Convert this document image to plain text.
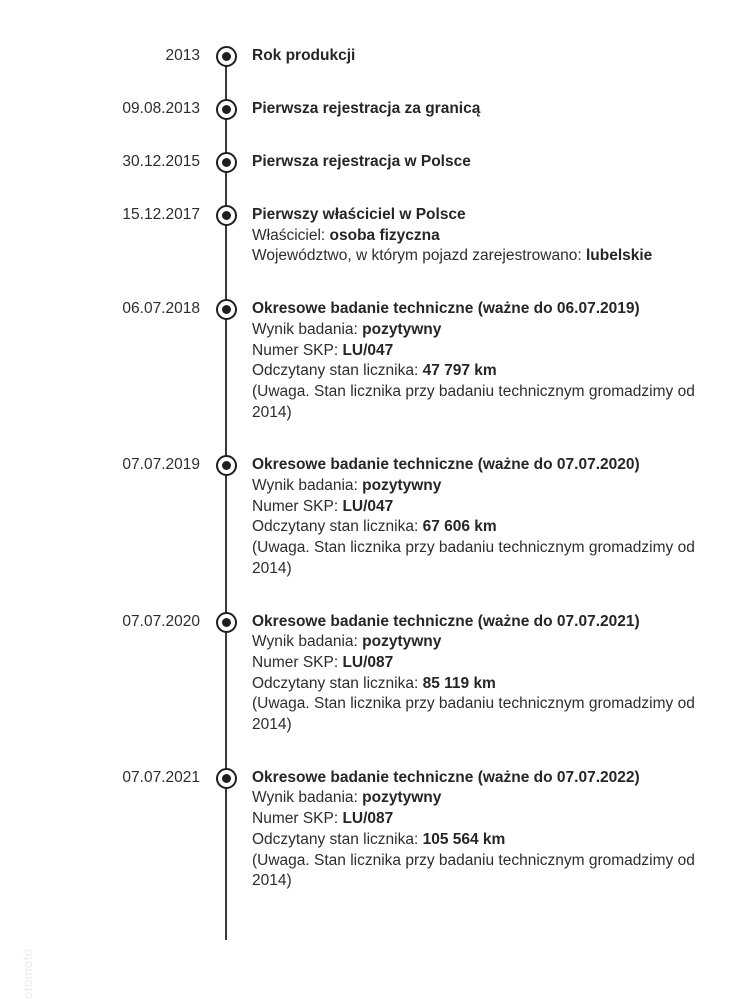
otomoto
2013	Rok produkcji
09.08.2013	Pierwsza rejestracja za granicą
30.12.2015	Pierwsza rejestracja w Polsce
15.12.2017	Pierwszy właściciel w Polsce
Właściciel: osoba fizyczna
Województwo, w którym pojazd zarejestrowano: lubelskie
06.07.2018	Okresowe badanie techniczne (ważne do 06.07.2019)
Wynik badania: pozytywny
Numer SKP: LU/047
Odczytany stan licznika: 47 797 km
(Uwaga. Stan licznika przy badaniu technicznym gromadzimy od 2014)
07.07.2019	Okresowe badanie techniczne (ważne do 07.07.2020)
Wynik badania: pozytywny
Numer SKP: LU/047
Odczytany stan licznika: 67 606 km
(Uwaga. Stan licznika przy badaniu technicznym gromadzimy od 2014)
07.07.2020	Okresowe badanie techniczne (ważne do 07.07.2021)
Wynik badania: pozytywny
Numer SKP: LU/087
Odczytany stan licznika: 85 119 km
(Uwaga. Stan licznika przy badaniu technicznym gromadzimy od 2014)
07.07.2021	Okresowe badanie techniczne (ważne do 07.07.2022)
Wynik badania: pozytywny
Numer SKP: LU/087
Odczytany stan licznika: 105 564 km
(Uwaga. Stan licznika przy badaniu technicznym gromadzimy od 2014)
